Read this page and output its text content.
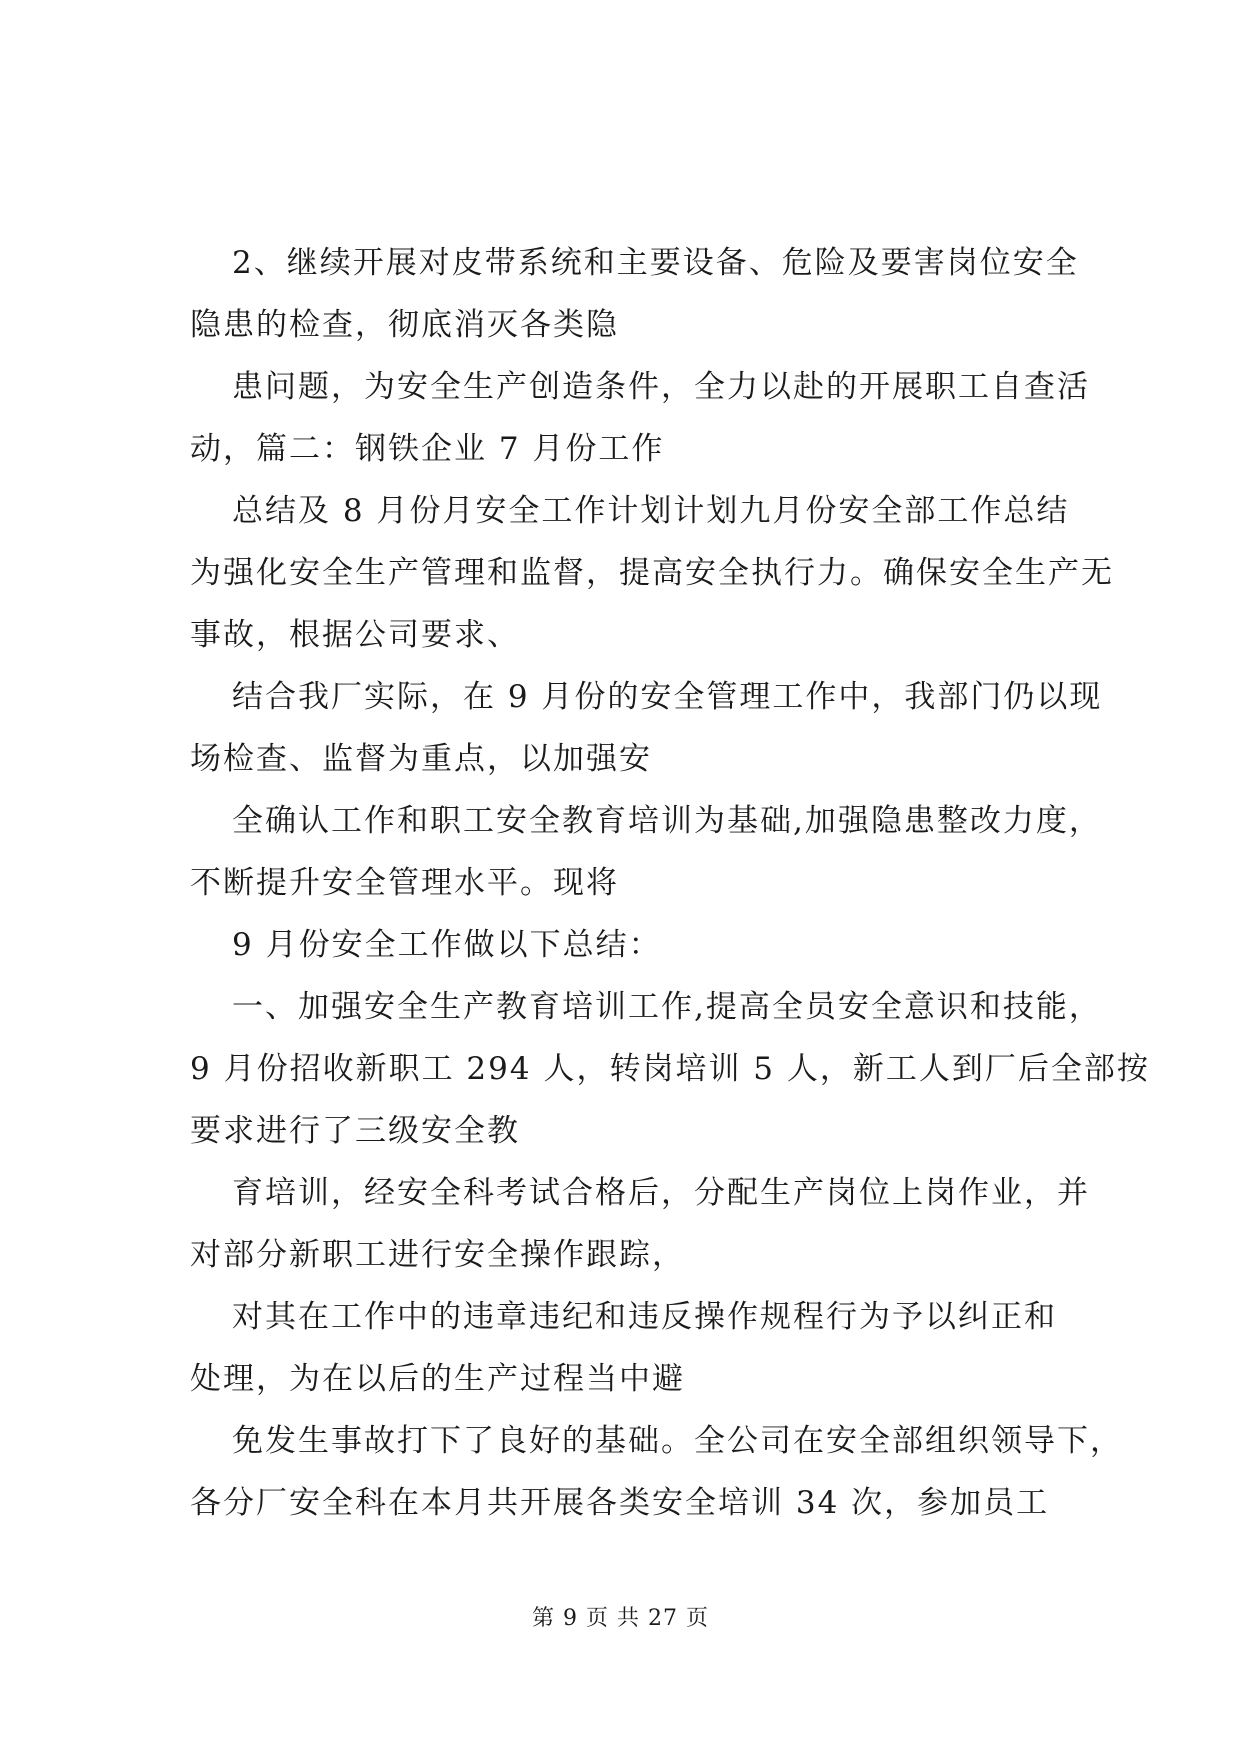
2、继续开展对皮带系统和主要设备、危险及要害岗位安全
隐患的检查，彻底消灭各类隐
患问题，为安全生产创造条件，全力以赴的开展职工自查活
动，篇二：钢铁企业 7 月份工作
总结及 8 月份月安全工作计划计划九月份安全部工作总结
为强化安全生产管理和监督，提高安全执行力。确保安全生产无
事故，根据公司要求、
结合我厂实际，在 9 月份的安全管理工作中，我部门仍以现
场检查、监督为重点，以加强安
全确认工作和职工安全教育培训为基础,加强隐患整改力度，
不断提升安全管理水平。现将
9 月份安全工作做以下总结：
一、加强安全生产教育培训工作,提高全员安全意识和技能，
9 月份招收新职工 294 人，转岗培训 5 人，新工人到厂后全部按
要求进行了三级安全教
育培训，经安全科考试合格后，分配生产岗位上岗作业，并
对部分新职工进行安全操作跟踪，
对其在工作中的违章违纪和违反操作规程行为予以纠正和
处理，为在以后的生产过程当中避
免发生事故打下了良好的基础。全公司在安全部组织领导下，
各分厂安全科在本月共开展各类安全培训 34 次，参加员工
第 9 页 共 27 页
